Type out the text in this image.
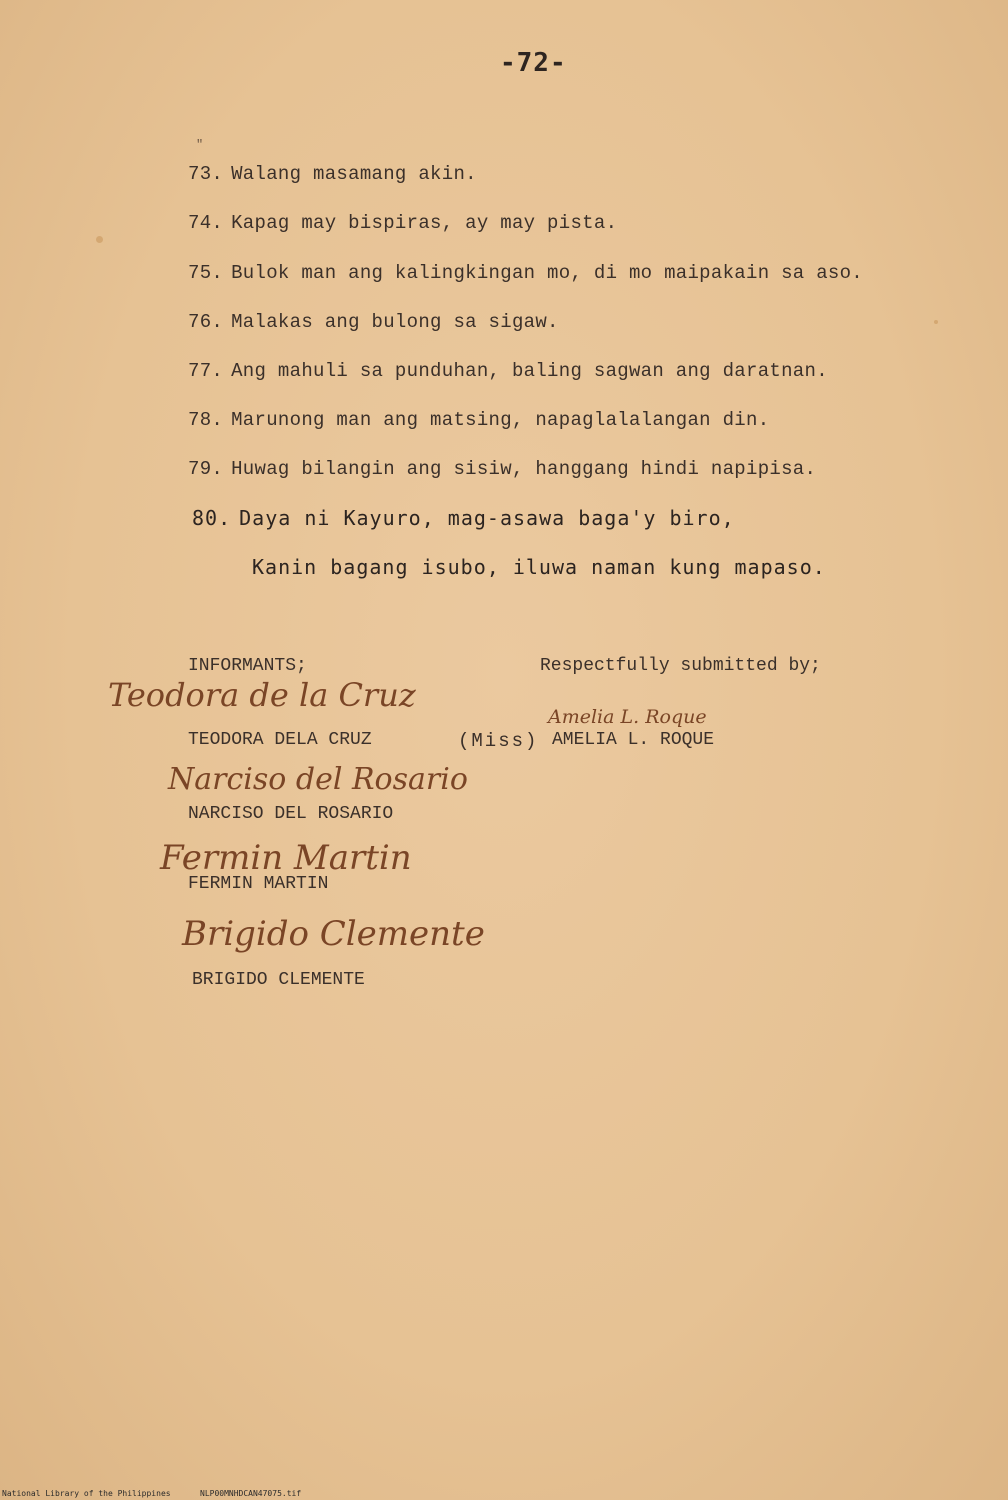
-72-
"
73. Walang masamang akin.
74. Kapag may bispiras, ay may pista.
75. Bulok man ang kalingkingan mo, di mo maipakain sa aso.
76. Malakas ang bulong sa sigaw.
77. Ang mahuli sa punduhan, baling sagwan ang daratnan.
78. Marunong man ang matsing, napaglalalangan din.
79. Huwag bilangin ang sisiw, hanggang hindi napipisa.
80. Daya ni Kayuro, mag-asawa baga'y biro,
Kanin bagang isubo, iluwa naman kung mapaso.
INFORMANTS;	Respectfully submitted by;
Teodora de la Cruz
TEODORA DELA CRUZ	(Miss)
Amelia L. Roque
AMELIA L. ROQUE
Narciso del Rosario
NARCISO DEL ROSARIO
Fermin Martin
FERMIN MARTIN
Brigido Clemente
BRIGIDO CLEMENTE
National Library of the Philippines	NLP00MNHDCAN47075.tif
